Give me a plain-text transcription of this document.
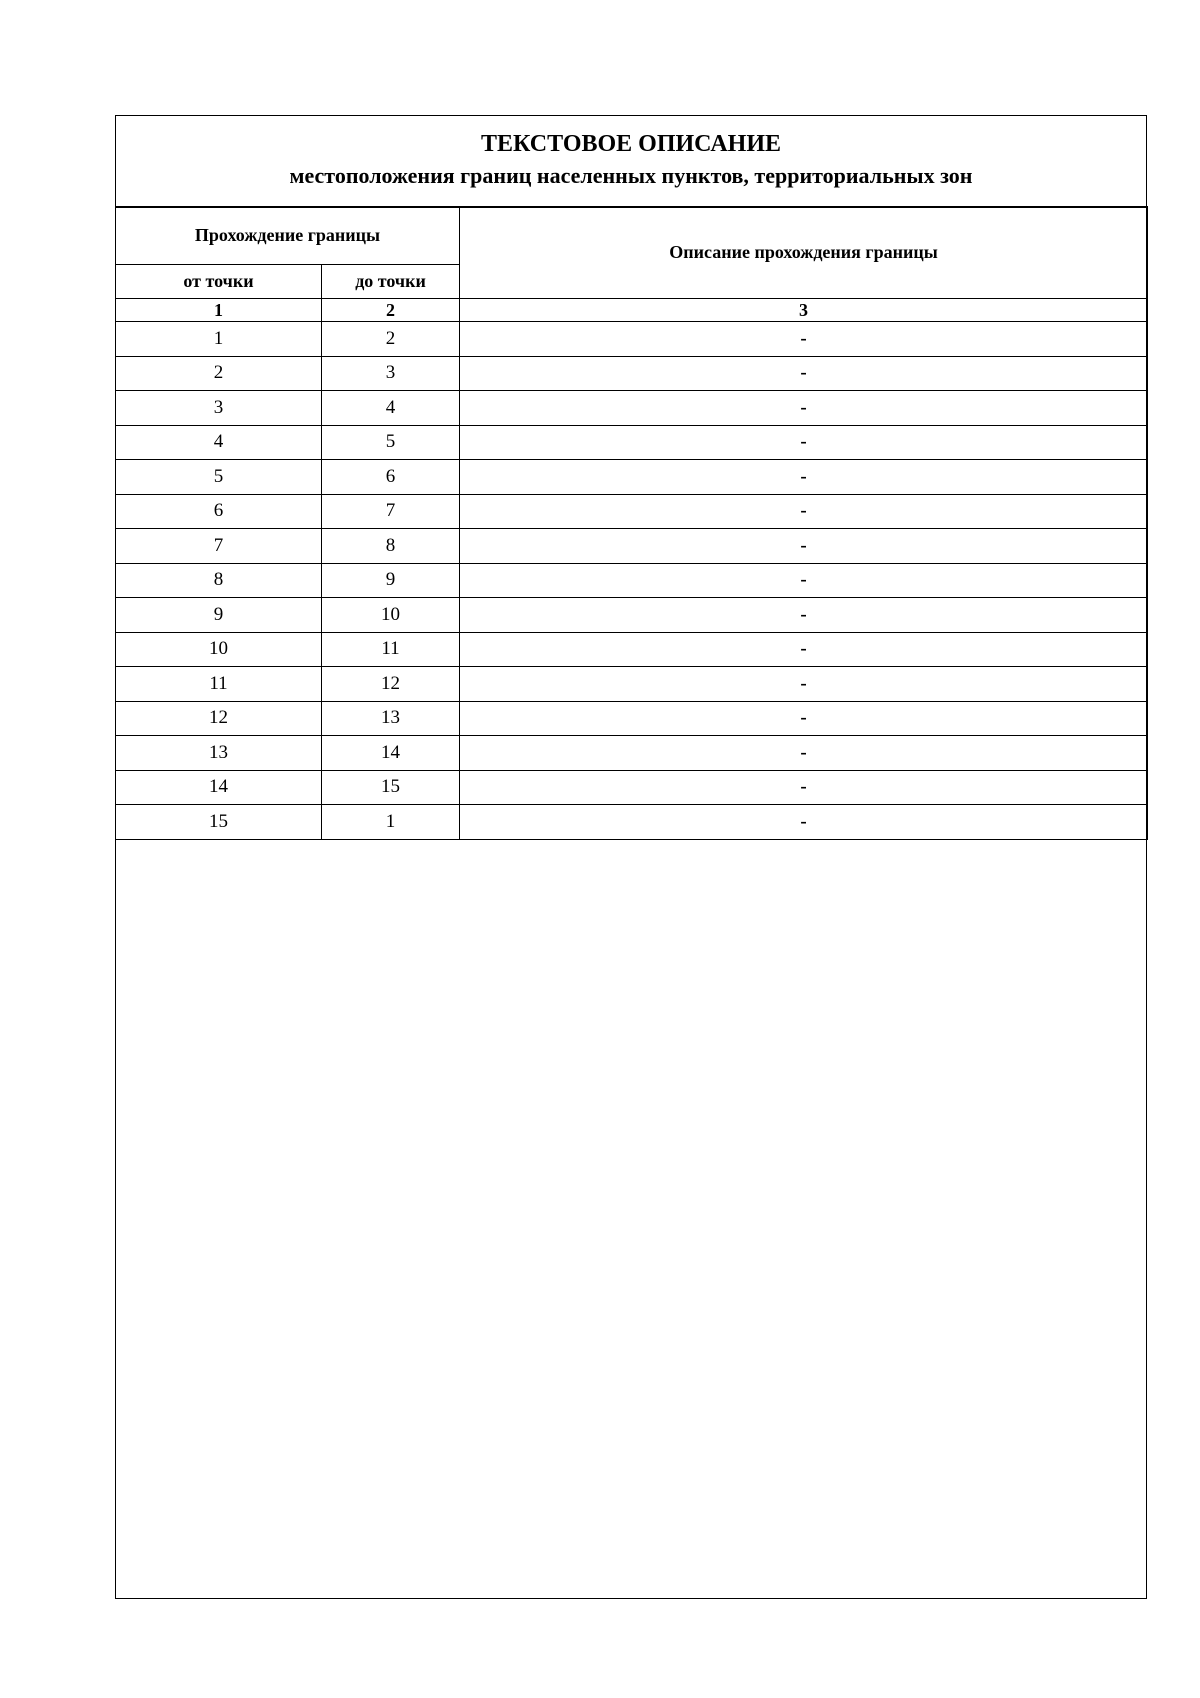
ТЕКСТОВОЕ ОПИСАНИЕ
местоположения границ населенных пунктов, территориальных зон
Прохождение границы		Описание прохождения границы
от точки	до точки	
1	2	3
1	2	-
2	3	-
3	4	-
4	5	-
5	6	-
6	7	-
7	8	-
8	9	-
9	10	-
10	11	-
11	12	-
12	13	-
13	14	-
14	15	-
15	1	-
